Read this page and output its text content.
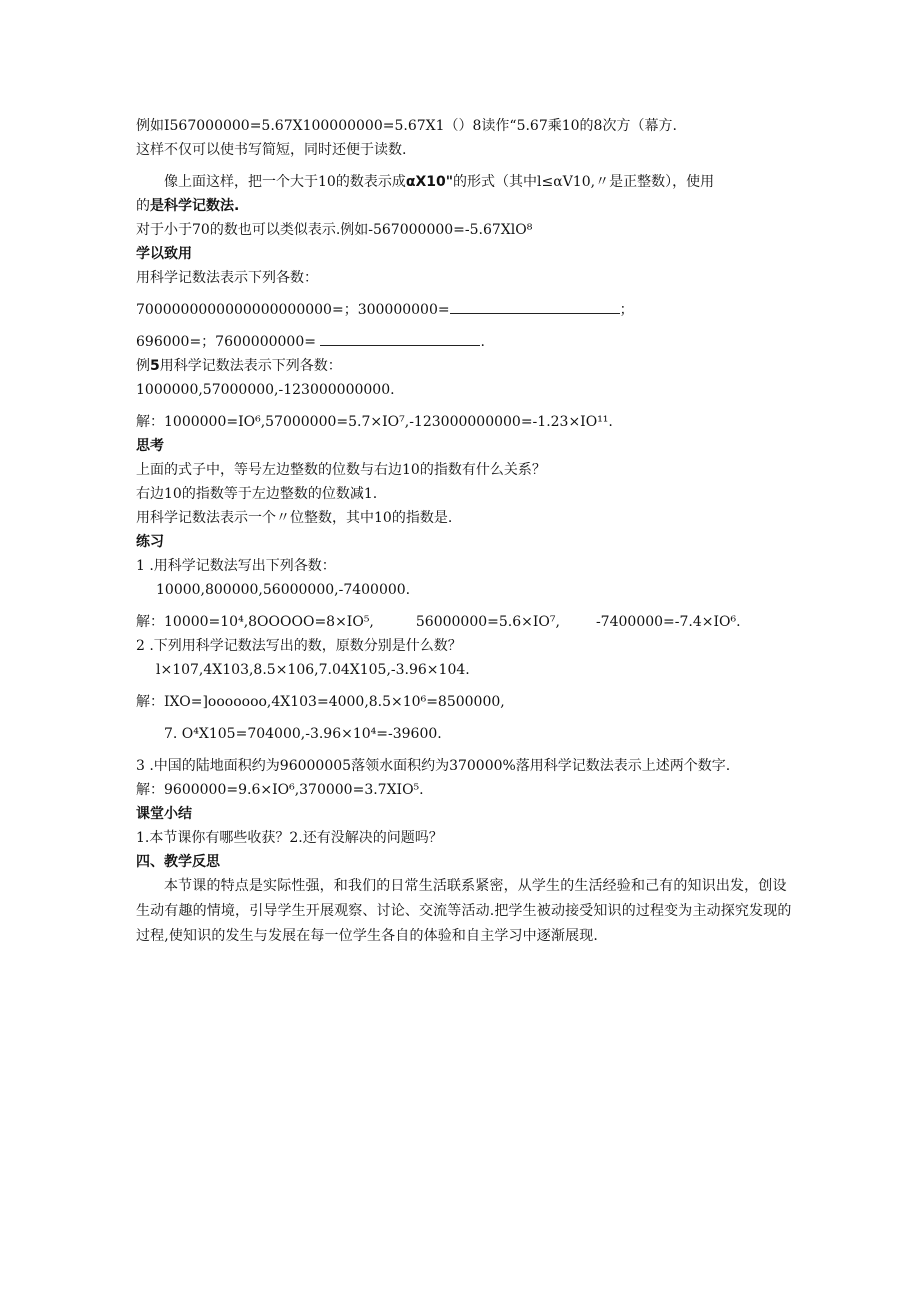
例如I567000000=5.67X100000000=5.67X1（）8读作“5.67乘10的8次方（幕方.
这样不仅可以使书写简短，同时还便于读数.
像上面这样，把一个大于10的数表示成αX10"的形式（其中l≤αV10,〃是正整数），使用
的是科学记数法.
对于小于70的数也可以类似表示.例如-567000000=-5.67XlO⁸
学以致用
用科学记数法表示下列各数：
7000000000000000000000=；300000000=	；
696000=；7600000000=	.
例5用科学记数法表示下列各数：
1000000,57000000,-123000000000.
解：1000000=IO⁶,57000000=5.7×IO⁷,-123000000000=-1.23×IO¹¹.
思考
上面的式子中，等号左边整数的位数与右边10的指数有什么关系？
右边10的指数等于左边整数的位数减1.
用科学记数法表示一个〃位整数，其中10的指数是.
练习
1 .用科学记数法写出下列各数：
10000,800000,56000000,-7400000.
解：10000=10⁴,8OOOOO=8×IO⁵,	56000000=5.6×IO⁷,	-7400000=-7.4×IO⁶.
2 .下列用科学记数法写出的数，原数分别是什么数？
l×107,4X103,8.5×106,7.04X105,-3.96×104.
解：IXO=]ooooooo,4X103=4000,8.5×10⁶=8500000,
7. O⁴X105=704000,-3.96×10⁴=-39600.
3 .中国的陆地面积约为96000005落领水面积约为370000%落用科学记数法表示上述两个数字.
解：9600000=9.6×IO⁶,370000=3.7XIO⁵.
课堂小结
1.本节课你有哪些收获？2.还有没解决的问题吗？
四、教学反思
本节课的特点是实际性强，和我们的日常生活联系紧密，从学生的生活经验和己有的知识出发，创设生动有趣的情境，引导学生开展观察、讨论、交流等活动.把学生被动接受知识的过程变为主动探究发现的过程,使知识的发生与发展在每一位学生各自的体验和自主学习中逐渐展现.
